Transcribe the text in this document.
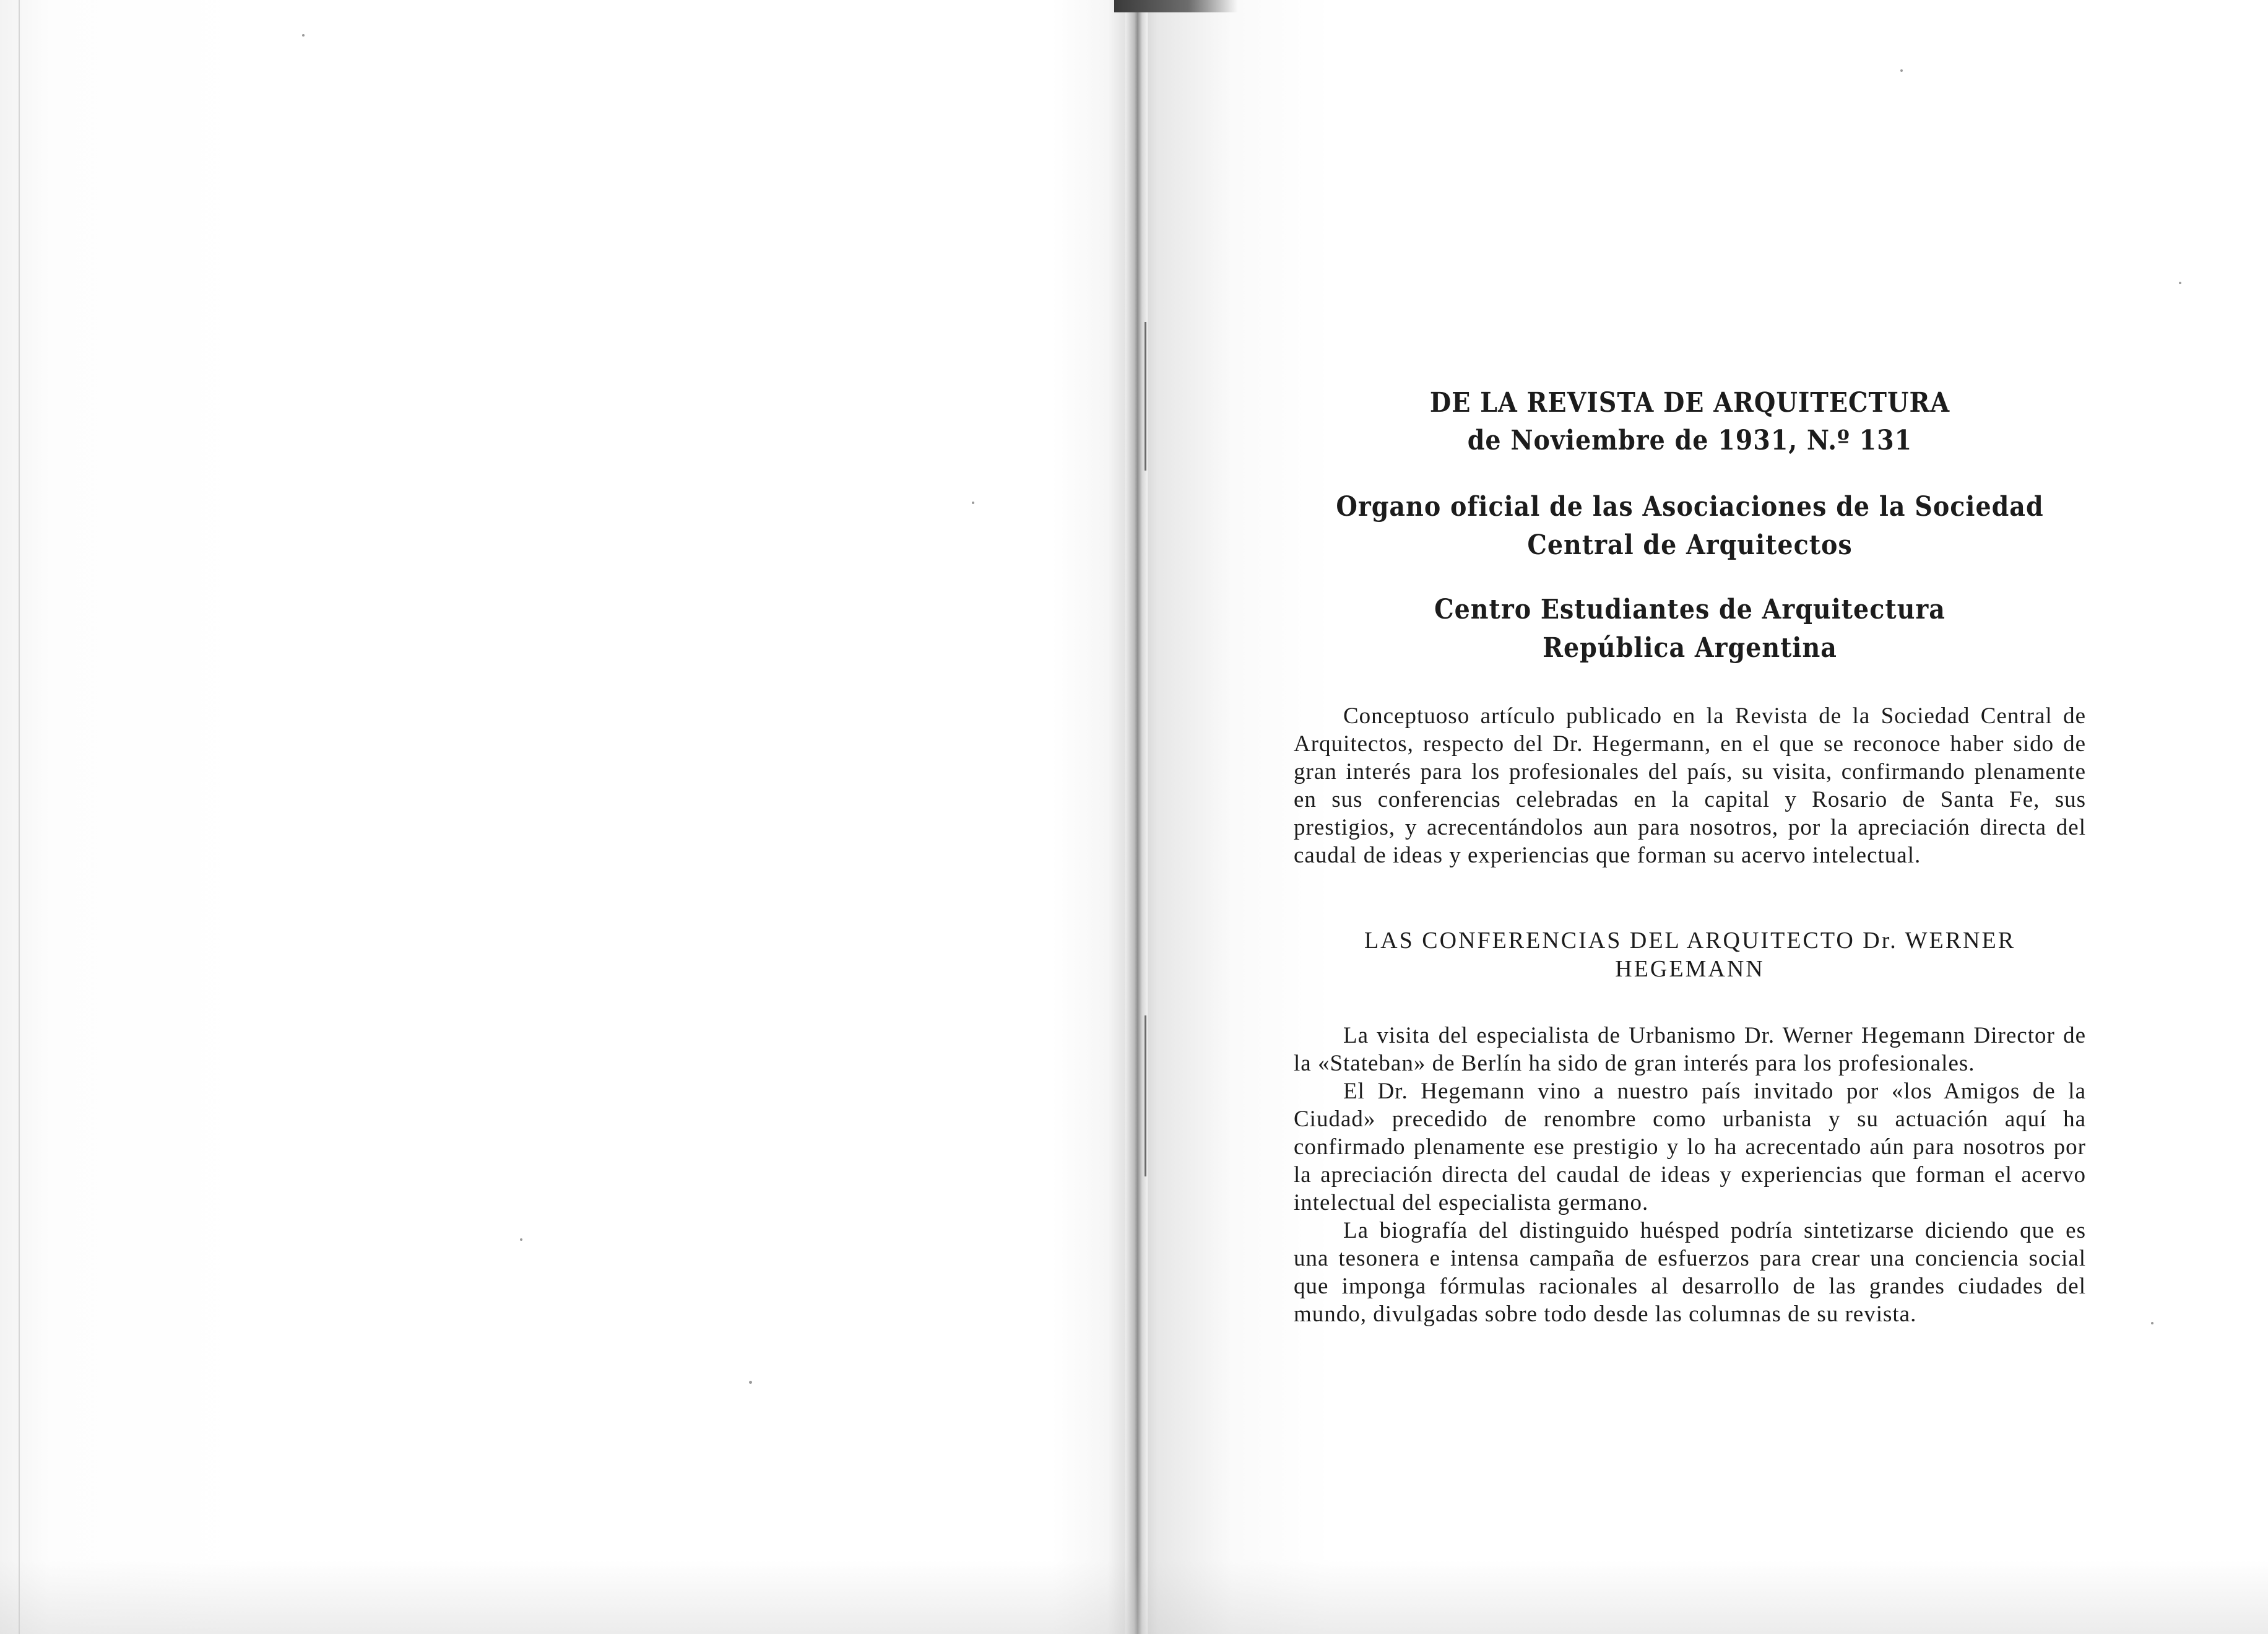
DE LA REVISTA DE ARQUITECTURA

de Noviembre de 1931, N.º 131

Organo oficial de las Asociaciones de la Sociedad

Central de Arquitectos

Centro Estudiantes de Arquitectura

República Argentina

Conceptuoso artículo publicado en la Revista de la Sociedad Central de Arquitectos, respecto del Dr. Hegermann, en el que se reconoce haber sido de gran interés para los profesionales del país, su visita, confirmando plenamente en sus conferencias celebradas en la capital y Rosario de Santa Fe, sus prestigios, y acrecentándolos aun para nosotros, por la apreciación directa del caudal de ideas y experiencias que forman su acervo intelectual.

LAS CONFERENCIAS DEL ARQUITECTO Dr. WERNER
HEGEMANN

La visita del especialista de Urbanismo Dr. Werner Hegemann Director de la «Stateban» de Berlín ha sido de gran interés para los profesionales.

El Dr. Hegemann vino a nuestro país invitado por «los Amigos de la Ciudad» precedido de renombre como urbanista y su actuación aquí ha confirmado plenamente ese prestigio y lo ha acrecentado aún para nosotros por la apreciación directa del caudal de ideas y experiencias que forman el acervo intelectual del especialista germano.

La biografía del distinguido huésped podría sintetizarse diciendo que es una tesonera e intensa campaña de esfuerzos para crear una conciencia social que imponga fórmulas racionales al desarrollo de las grandes ciudades del mundo, divulgadas sobre todo desde las columnas de su revista.
